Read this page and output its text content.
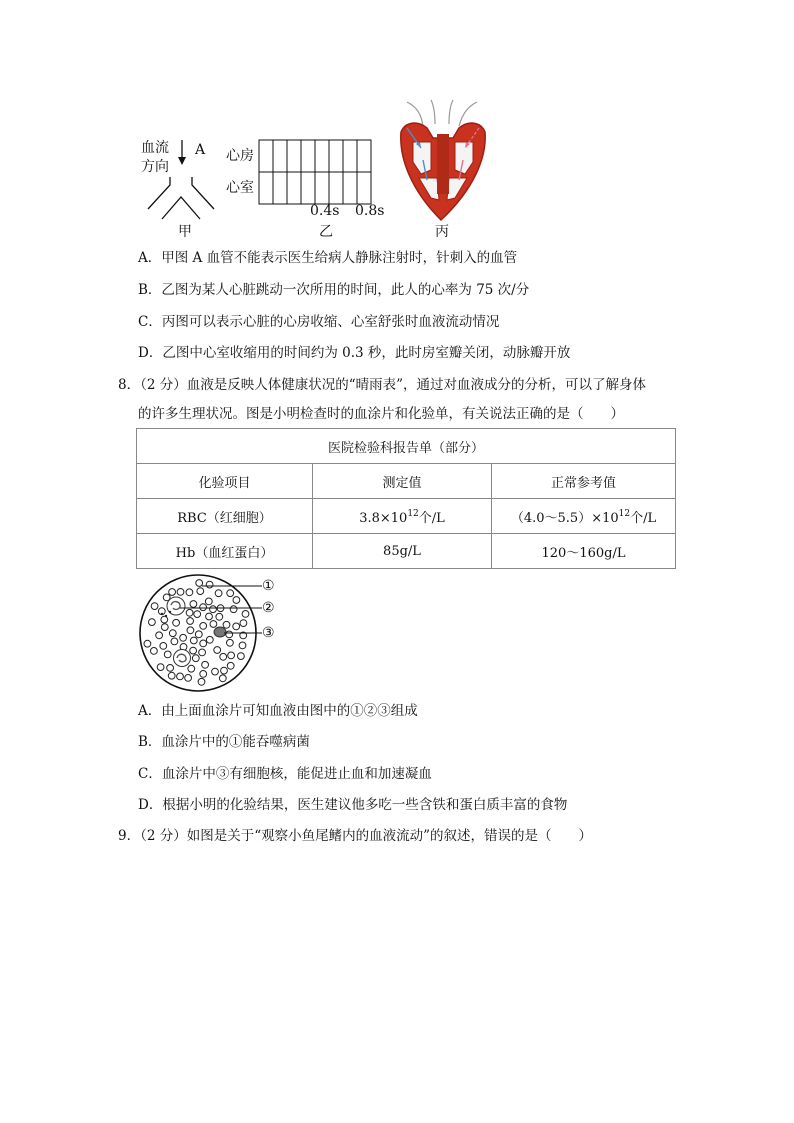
血流
方向
A
甲
心房
心室
0.4s 0.8s
乙	丙
A．甲图 A 血管不能表示医生给病人静脉注射时，针刺入的血管
B．乙图为某人心脏跳动一次所用的时间，此人的心率为 75 次/分
C．丙图可以表示心脏的心房收缩、心室舒张时血液流动情况
D．乙图中心室收缩用的时间约为 0.3 秒，此时房室瓣关闭，动脉瓣开放
8．（2 分）血液是反映人体健康状况的“晴雨表”，通过对血液成分的分析，可以了解身体
的许多生理状况。图是小明检查时的血涂片和化验单，有关说法正确的是（　　）
医院检验科报告单（部分）		
化验项目	测定值	正常参考值
RBC（红细胞）	$3.8\times 10^{12}$个/L	$(4.0\sim 5.5)\times 10^{12}$个/L
Hb（血红蛋白）	85g/L	120～160g/L
①
②
③
A．由上面血涂片可知血液由图中的①②③组成
B．血涂片中的①能吞噬病菌
C．血涂片中③有细胞核，能促进止血和加速凝血
D．根据小明的化验结果，医生建议他多吃一些含铁和蛋白质丰富的食物
9．（2 分）如图是关于“观察小鱼尾鳍内的血液流动”的叙述，错误的是（　　）
